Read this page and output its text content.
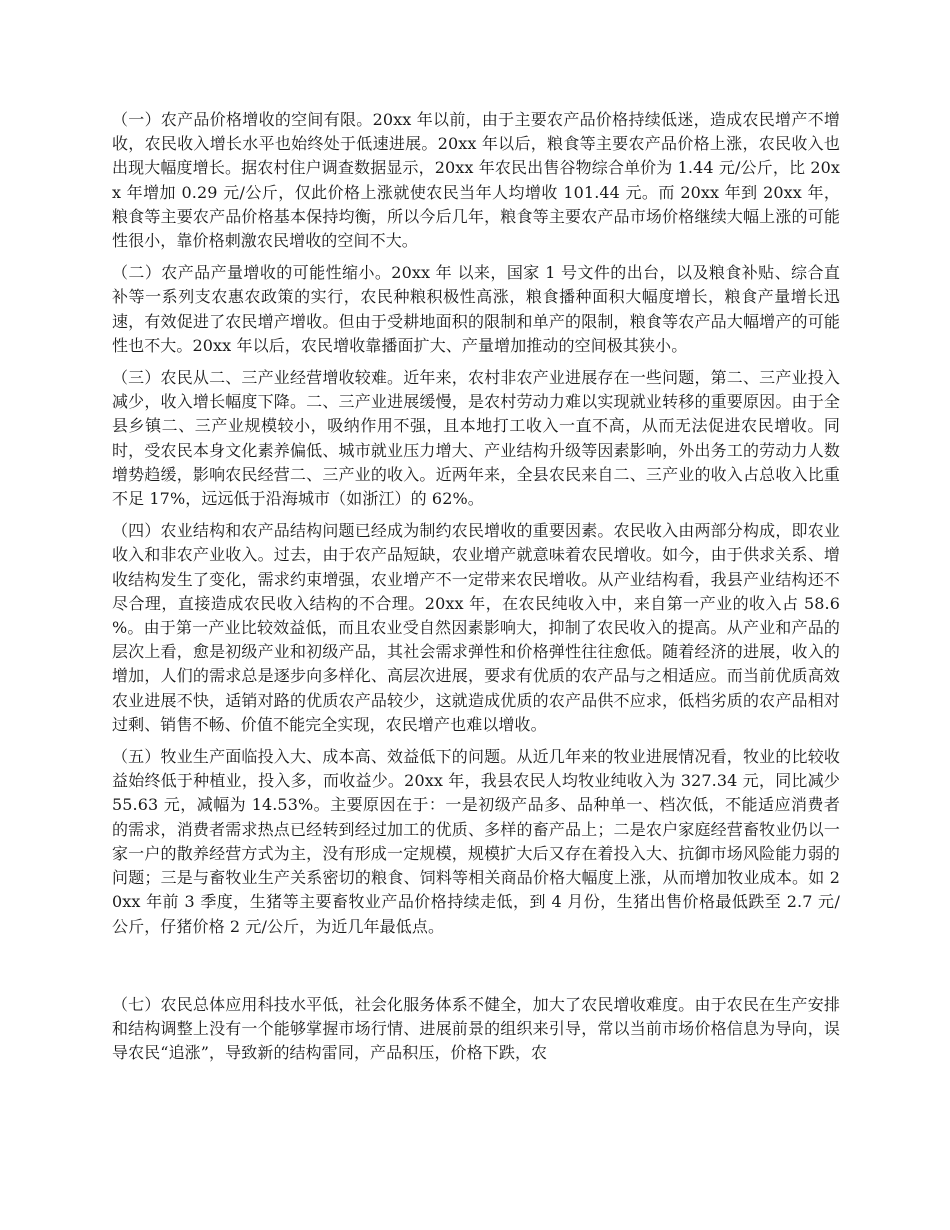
（一）农产品价格增收的空间有限。20xx 年以前，由于主要农产品价格持续低迷，造成农民增产不增收，农民收入增长水平也始终处于低速进展。20xx 年以后，粮食等主要农产品价格上涨，农民收入也出现大幅度增长。据农村住户调查数据显示，20xx 年农民出售谷物综合单价为 1.44 元/公斤，比 20xx 年增加 0.29 元/公斤，仅此价格上涨就使农民当年人均增收 101.44 元。而 20xx 年到 20xx 年，粮食等主要农产品价格基本保持均衡，所以今后几年，粮食等主要农产品市场价格继续大幅上涨的可能性很小，靠价格刺激农民增收的空间不大。

（二）农产品产量增收的可能性缩小。20xx 年 以来，国家 1 号文件的出台，以及粮食补贴、综合直补等一系列支农惠农政策的实行，农民种粮积极性高涨，粮食播种面积大幅度增长，粮食产量增长迅速，有效促进了农民增产增收。但由于受耕地面积的限制和单产的限制，粮食等农产品大幅增产的可能性也不大。20xx 年以后，农民增收靠播面扩大、产量增加推动的空间极其狭小。

（三）农民从二、三产业经营增收较难。近年来，农村非农产业进展存在一些问题，第二、三产业投入减少，收入增长幅度下降。二、三产业进展缓慢，是农村劳动力难以实现就业转移的重要原因。由于全县乡镇二、三产业规模较小，吸纳作用不强，且本地打工收入一直不高，从而无法促进农民增收。同时，受农民本身文化素养偏低、城市就业压力增大、产业结构升级等因素影响，外出务工的劳动力人数增势趋缓，影响农民经营二、三产业的收入。近两年来，全县农民来自二、三产业的收入占总收入比重不足 17%，远远低于沿海城市（如浙江）的 62%。

（四）农业结构和农产品结构问题已经成为制约农民增收的重要因素。农民收入由两部分构成，即农业收入和非农产业收入。过去，由于农产品短缺，农业增产就意味着农民增收。如今，由于供求关系、增收结构发生了变化，需求约束增强，农业增产不一定带来农民增收。从产业结构看，我县产业结构还不尽合理，直接造成农民收入结构的不合理。20xx 年，在农民纯收入中，来自第一产业的收入占 58.6 %。由于第一产业比较效益低，而且农业受自然因素影响大，抑制了农民收入的提高。从产业和产品的层次上看，愈是初级产业和初级产品，其社会需求弹性和价格弹性往往愈低。随着经济的进展，收入的增加，人们的需求总是逐步向多样化、高层次进展，要求有优质的农产品与之相适应。而当前优质高效农业进展不快，适销对路的优质农产品较少，这就造成优质的农产品供不应求，低档劣质的农产品相对过剩、销售不畅、价值不能完全实现，农民增产也难以增收。

（五）牧业生产面临投入大、成本高、效益低下的问题。从近几年来的牧业进展情况看，牧业的比较收益始终低于种植业，投入多，而收益少。20xx 年，我县农民人均牧业纯收入为 327.34 元，同比减少 55.63 元，减幅为 14.53%。主要原因在于：一是初级产品多、品种单一、档次低，不能适应消费者的需求，消费者需求热点已经转到经过加工的优质、多样的畜产品上；二是农户家庭经营畜牧业仍以一家一户的散养经营方式为主，没有形成一定规模，规模扩大后又存在着投入大、抗御市场风险能力弱的问题；三是与畜牧业生产关系密切的粮食、饲料等相关商品价格大幅度上涨，从而增加牧业成本。如 20xx 年前 3 季度，生猪等主要畜牧业产品价格持续走低，到 4 月份，生猪出售价格最低跌至 2.7 元/公斤，仔猪价格 2 元/公斤，为近几年最低点。

（七）农民总体应用科技水平低，社会化服务体系不健全，加大了农民增收难度。由于农民在生产安排和结构调整上没有一个能够掌握市场行情、进展前景的组织来引导，常以当前市场价格信息为导向，误导农民“追涨”，导致新的结构雷同，产品积压，价格下跌，农
